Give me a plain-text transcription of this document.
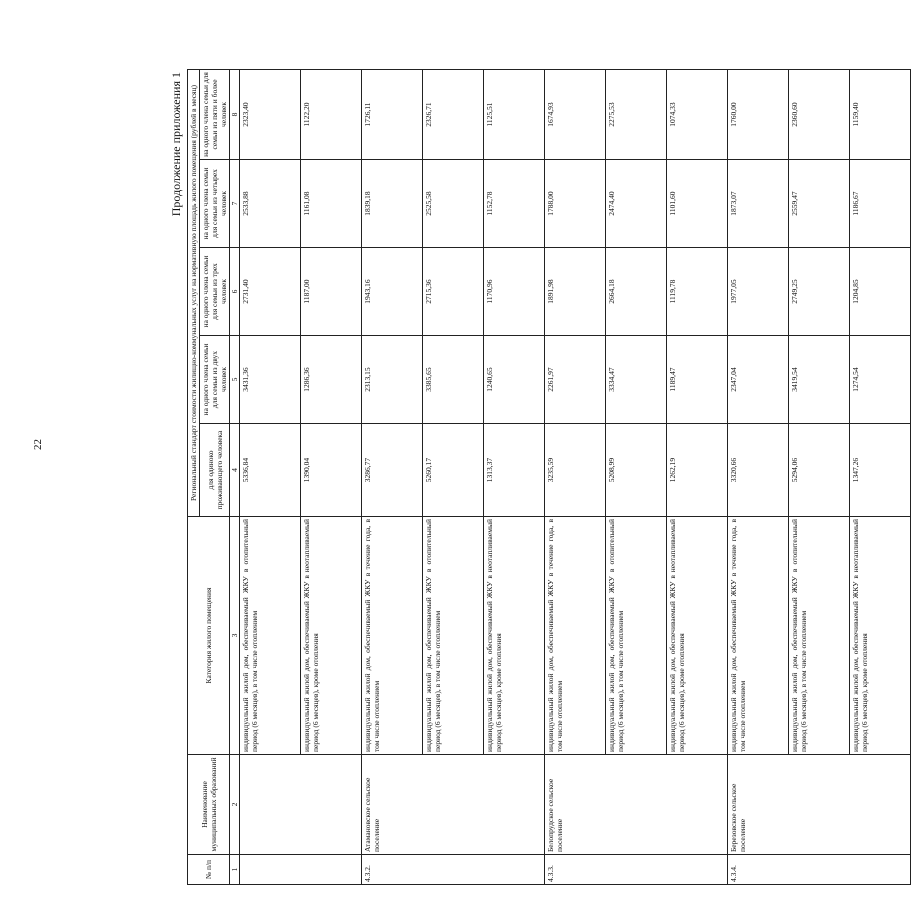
22
Продолжение приложения 1
№ п/п	Наименование муниципальных образований	Категория жилого помещения	Региональный стандарт стоимости жилищно-коммунальных услуг на нормативную площадь жилого помещения (рублей в месяц)				
			для одиноко проживающего человека	на одного члена семьи для семьи из двух человек	на одного члена семьи для семьи из трех человек	на одного члена семьи для семьи из четырех человек	на одного члена семьи для семьи из пяти и более человек
1	2	3	4	5	6	7	8
		индивидуальный жилой дом, обеспечиваемый ЖКУ в отопительный период (6 месяцев), в том числе отоплением	5336,84	3431,36	2731,40	2533,88	2323,40
		индивидуальный жилой дом, обеспечиваемый ЖКУ в неотапливаемый период (6 месяцев), кроме отопления	1390,04	1286,36	1187,00	1161,08	1122,20
4.3.2.	Атамановское сельское поселение	индивидуальный жилой дом, обеспечиваемый ЖКУ в течение года, в том числе отоплением	3286,77	2313,15	1943,16	1839,18	1726,11
		индивидуальный жилой дом, обеспечиваемый ЖКУ в отопительный период (6 месяцев), в том числе отоплением	5260,17	3385,65	2715,36	2525,58	2326,71
		индивидуальный жилой дом, обеспечиваемый ЖКУ в неотапливаемый период (6 месяцев), кроме отопления	1313,37	1240,65	1170,96	1152,78	1125,51
4.3.3.	Белопрудское сельское поселение	индивидуальный жилой дом, обеспечиваемый ЖКУ в течение года, в том числе отоплением	3235,59	2261,97	1891,98	1788,00	1674,93
		индивидуальный жилой дом, обеспечиваемый ЖКУ в отопительный период (6 месяцев), в том числе отоплением	5208,99	3334,47	2664,18	2474,40	2275,53
		индивидуальный жилой дом, обеспечиваемый ЖКУ в неотапливаемый период (6 месяцев), кроме отопления	1262,19	1189,47	1119,78	1101,60	1074,33
4.3.4.	Березовское сельское поселение	индивидуальный жилой дом, обеспечиваемый ЖКУ в течение года, в том числе отоплением	3320,66	2347,04	1977,05	1873,07	1760,00
		индивидуальный жилой дом, обеспечиваемый ЖКУ в отопительный период (6 месяцев), в том числе отоплением	5294,06	3419,54	2749,25	2559,47	2360,60
		индивидуальный жилой дом, обеспечиваемый ЖКУ в неотапливаемый период (6 месяцев), кроме отопления	1347,26	1274,54	1204,85	1186,67	1159,40
